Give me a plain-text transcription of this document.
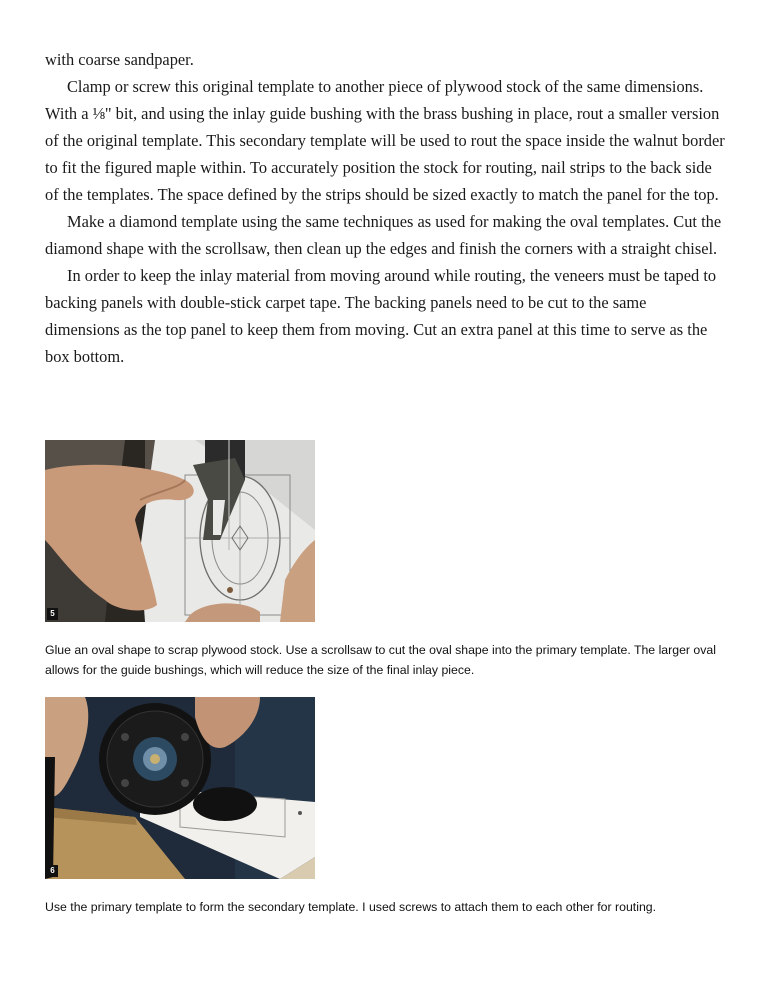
with coarse sandpaper.

Clamp or screw this original template to another piece of plywood stock of the same dimensions. With a ⅛" bit, and using the inlay guide bushing with the brass bushing in place, rout a smaller version of the original template. This secondary template will be used to rout the space inside the walnut border to fit the figured maple within. To accurately position the stock for routing, nail strips to the back side of the templates. The space defined by the strips should be sized exactly to match the panel for the top.

Make a diamond template using the same techniques as used for making the oval templates. Cut the diamond shape with the scrollsaw, then clean up the edges and finish the corners with a straight chisel.

In order to keep the inlay material from moving around while routing, the veneers must be taped to backing panels with double-stick carpet tape. The backing panels need to be cut to the same dimensions as the top panel to keep them from moving. Cut an extra panel at this time to serve as the box bottom.

5
Glue an oval shape to scrap plywood stock. Use a scrollsaw to cut the oval shape into the primary template. The larger oval allows for the guide bushings, which will reduce the size of the final inlay piece.
6
Use the primary template to form the secondary template. I used screws to attach them to each other for routing.
